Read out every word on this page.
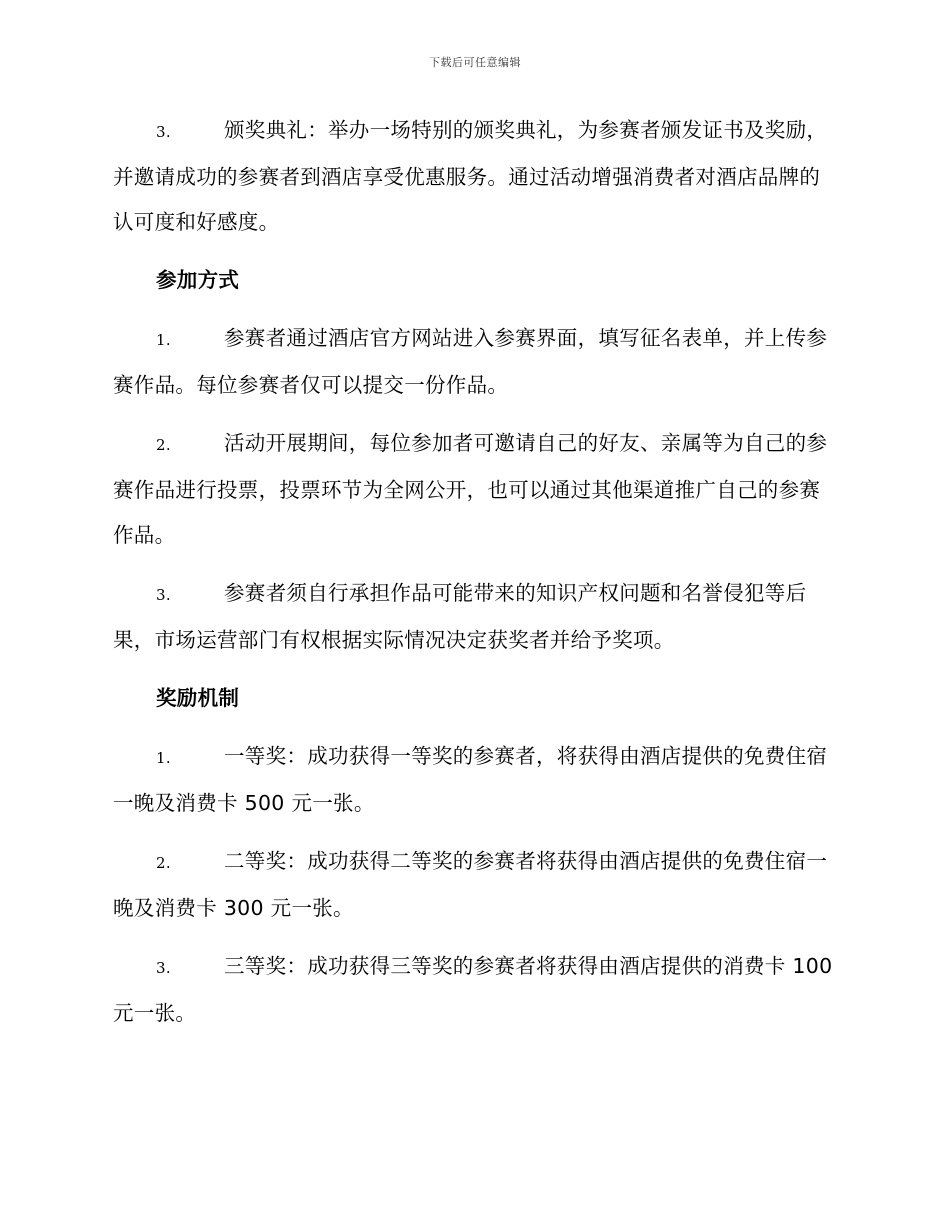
下载后可任意编辑

3.	颁奖典礼：举办一场特别的颁奖典礼，为参赛者颁发证书及奖励，并邀请成功的参赛者到酒店享受优惠服务。通过活动增强消费者对酒店品牌的认可度和好感度。

参加方式

1.	参赛者通过酒店官方网站进入参赛界面，填写征名表单，并上传参赛作品。每位参赛者仅可以提交一份作品。

2.	活动开展期间，每位参加者可邀请自己的好友、亲属等为自己的参赛作品进行投票，投票环节为全网公开，也可以通过其他渠道推广自己的参赛作品。

3.	参赛者须自行承担作品可能带来的知识产权问题和名誉侵犯等后果，市场运营部门有权根据实际情况决定获奖者并给予奖项。

奖励机制

1.	一等奖：成功获得一等奖的参赛者，将获得由酒店提供的免费住宿一晚及消费卡 500 元一张。

2.	二等奖：成功获得二等奖的参赛者将获得由酒店提供的免费住宿一晚及消费卡 300 元一张。

3.	三等奖：成功获得三等奖的参赛者将获得由酒店提供的消费卡 100 元一张。
